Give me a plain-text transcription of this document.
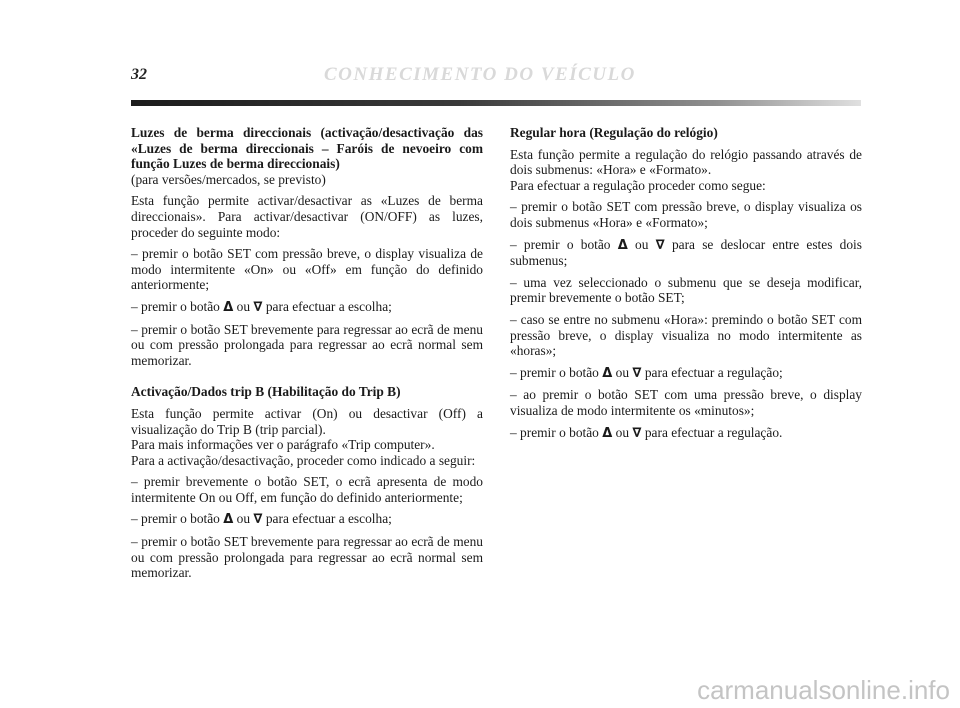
32	CONHECIMENTO DO VEÍCULO

Luzes de berma direccionais (activação/desactivação das «Luzes de berma direccionais – Faróis de nevoeiro com função Luzes de berma direccionais)

(para versões/mercados, se previsto)

Esta função permite activar/desactivar as «Luzes de berma direccionais». Para activar/desactivar (ON/OFF) as luzes, proceder do seguinte modo:

– premir o botão SET com pressão breve, o display visualiza de modo intermitente «On» ou «Off» em função do definido anteriormente;

– premir o botão Δ ou ∇ para efectuar a escolha;

– premir o botão SET brevemente para regressar ao ecrã de menu ou com pressão prolongada para regressar ao ecrã normal sem memorizar.

Activação/Dados trip B (Habilitação do Trip B)

Esta função permite activar (On) ou desactivar (Off) a visualização do Trip B (trip parcial).

Para mais informações ver o parágrafo «Trip computer».

Para a activação/desactivação, proceder como indicado a seguir:

– premir brevemente o botão SET, o ecrã apresenta de modo intermitente On ou Off, em função do definido anteriormente;

– premir o botão Δ ou ∇ para efectuar a escolha;

– premir o botão SET brevemente para regressar ao ecrã de menu ou com pressão prolongada para regressar ao ecrã normal sem memorizar.

Regular hora (Regulação do relógio)

Esta função permite a regulação do relógio passando através de dois submenus: «Hora» e «Formato».

Para efectuar a regulação proceder como segue:

– premir o botão SET com pressão breve, o display visualiza os dois submenus «Hora» e «Formato»;

– premir o botão Δ ou ∇ para se deslocar entre estes dois submenus;

– uma vez seleccionado o submenu que se deseja modificar, premir brevemente o botão SET;

– caso se entre no submenu «Hora»: premindo o botão SET com pressão breve, o display visualiza no modo intermitente as «horas»;

– premir o botão Δ ou ∇ para efectuar a regulação;

– ao premir o botão SET com uma pressão breve, o display visualiza de modo intermitente os «minutos»;

– premir o botão Δ ou ∇ para efectuar a regulação.

carmanualsonline.info
